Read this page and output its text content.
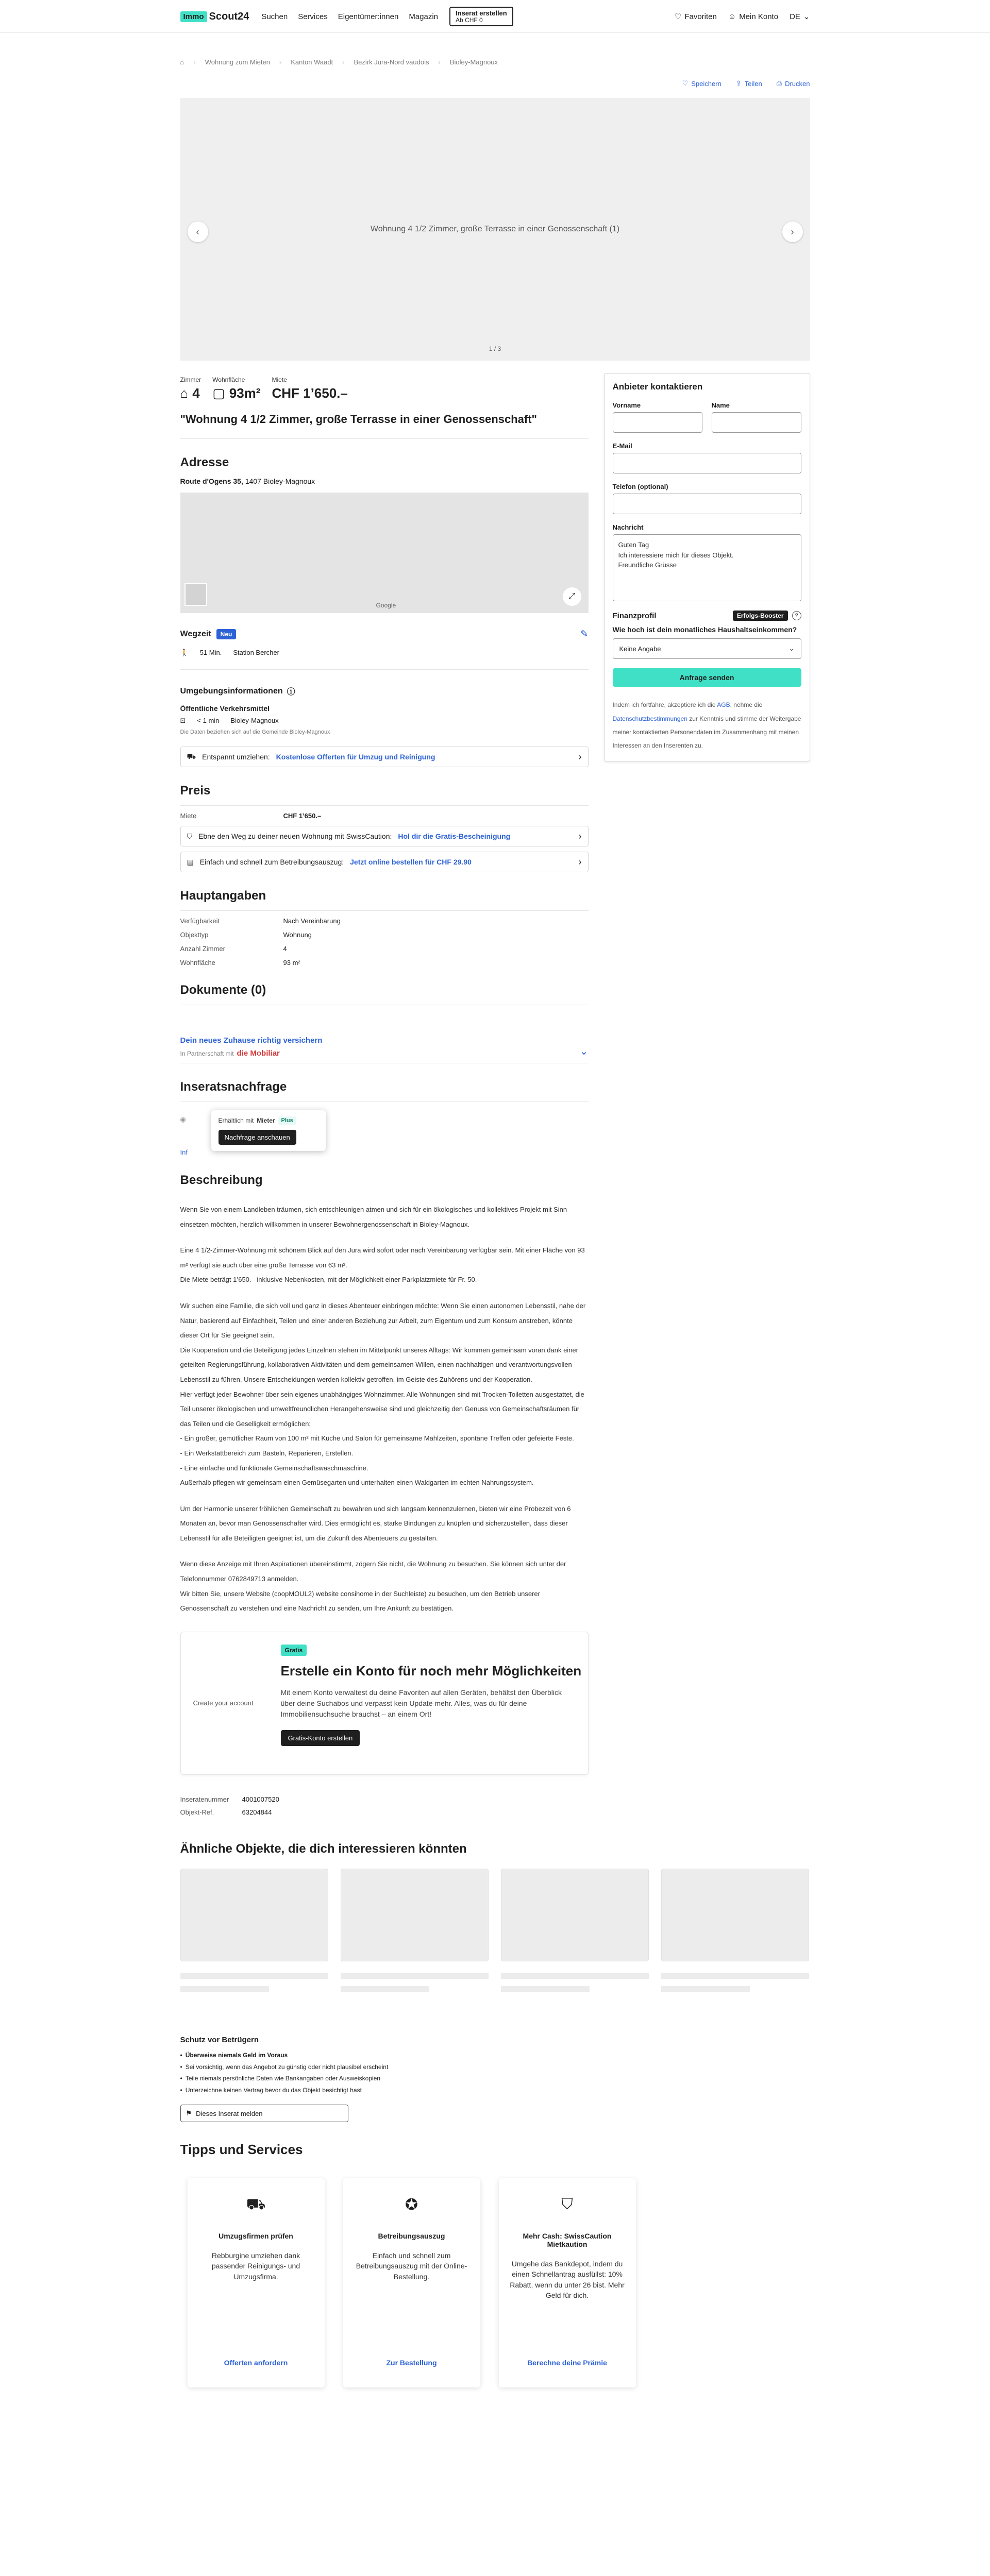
Immo Scout24 Suchen Services Eigentümer:innen Magazin	Inserat erstellen
Ab CHF 0	♡ Favoriten ☺ Mein Konto DE ⌄
⌂ › Wohnung zum Mieten › Kanton Waadt › Bezirk Jura-Nord vaudois › Bioley-Magnoux
♡ Speichern ⇪ Teilen ⎙ Drucken
Wohnung 4 1/2 Zimmer, große Terrasse in einer Genossenschaft (1)
‹	›
1 / 3
Zimmer
⌂ 4
Wohnfläche
▢ 93m²
Miete
CHF 1’650.–
"Wohnung 4 1/2 Zimmer, große Terrasse in einer Genossenschaft"
Adresse
Route d'Ogens 35, 1407 Bioley-Magnoux
Google
⤢
Wegzeit	Neu	✎
🚶 51 Min. Station Bercher
Umgebungsinformationen ⓘ
Öffentliche Verkehrsmittel
⊡ < 1 min Bioley-Magnoux
Die Daten beziehen sich auf die Gemeinde Bioley-Magnoux
⛟ Entspannt umziehen: Kostenlose Offerten für Umzug und Reinigung	›
Preis
Miete	CHF 1’650.–
⛉ Ebne den Weg zu deiner neuen Wohnung mit SwissCaution: Hol dir die Gratis-Bescheinigung	›
▤ Einfach und schnell zum Betreibungsauszug: Jetzt online bestellen für CHF 29.90	›
Hauptangaben
Verfügbarkeit	Nach Vereinbarung
Objekttyp	Wohnung
Anzahl Zimmer	4
Wohnfläche	93 m²
Dokumente (0)
Dein neues Zuhause richtig versichern
In Partnerschaft mit die Mobiliar	⌄
Inseratsnachfrage
◉
Inf
Erhältlich mit Mieter	Plus
Nachfrage anschauen
Beschreibung

Wenn Sie von einem Landleben träumen, sich entschleunigen atmen und sich für ein ökologisches und kollektives Projekt mit Sinn einsetzen möchten, herzlich willkommen in unserer Bewohnergenossenschaft in Bioley-Magnoux.

Eine 4 1/2-Zimmer-Wohnung mit schönem Blick auf den Jura wird sofort oder nach Vereinbarung verfügbar sein. Mit einer Fläche von 93 m² verfügt sie auch über eine große Terrasse von 63 m².
Die Miete beträgt 1’650.– inklusive Nebenkosten, mit der Möglichkeit einer Parkplatzmiete für Fr. 50.-

Wir suchen eine Familie, die sich voll und ganz in dieses Abenteuer einbringen möchte: Wenn Sie einen autonomen Lebensstil, nahe der Natur, basierend auf Einfachheit, Teilen und einer anderen Beziehung zur Arbeit, zum Eigentum und zum Konsum anstreben, könnte dieser Ort für Sie geeignet sein.
Die Kooperation und die Beteiligung jedes Einzelnen stehen im Mittelpunkt unseres Alltags: Wir kommen gemeinsam voran dank einer geteilten Regierungsführung, kollaborativen Aktivitäten und dem gemeinsamen Willen, einen nachhaltigen und verantwortungsvollen Lebensstil zu führen. Unsere Entscheidungen werden kollektiv getroffen, im Geiste des Zuhörens und der Kooperation.
Hier verfügt jeder Bewohner über sein eigenes unabhängiges Wohnzimmer. Alle Wohnungen sind mit Trocken-Toiletten ausgestattet, die Teil unserer ökologischen und umweltfreundlichen Herangehensweise sind und gleichzeitig den Genuss von Gemeinschaftsräumen für das Teilen und die Geselligkeit ermöglichen:
- Ein großer, gemütlicher Raum von 100 m² mit Küche und Salon für gemeinsame Mahlzeiten, spontane Treffen oder gefeierte Feste.
- Ein Werkstattbereich zum Basteln, Reparieren, Erstellen.
- Eine einfache und funktionale Gemeinschaftswaschmaschine.
Außerhalb pflegen wir gemeinsam einen Gemüsegarten und unterhalten einen Waldgarten im echten Nahrungssystem.

Um der Harmonie unserer fröhlichen Gemeinschaft zu bewahren und sich langsam kennenzulernen, bieten wir eine Probezeit von 6 Monaten an, bevor man Genossenschafter wird. Dies ermöglicht es, starke Bindungen zu knüpfen und sicherzustellen, dass dieser Lebensstil für alle Beteiligten geeignet ist, um die Zukunft des Abenteuers zu gestalten.

Wenn diese Anzeige mit Ihren Aspirationen übereinstimmt, zögern Sie nicht, die Wohnung zu besuchen. Sie können sich unter der Telefonnummer 0762849713 anmelden.
Wir bitten Sie, unsere Website (coopMOUL2) website consihome in der Suchleiste) zu besuchen, um den Betrieb unserer Genossenschaft zu verstehen und eine Nachricht zu senden, um Ihre Ankunft zu bestätigen.

Create your account
Gratis
Erstelle ein Konto für noch mehr Möglichkeiten
Mit einem Konto verwaltest du deine Favoriten auf allen Geräten, behältst den Überblick über deine Suchabos und verpasst kein Update mehr. Alles, was du für deine Immobiliensuchsuche brauchst – an einem Ort!
Gratis-Konto erstellen
Inseratenummer	4001007520
Objekt-Ref.	63204844
Anbieter kontaktieren
Vorname	Name
E-Mail
Telefon (optional)
Nachricht
Guten Tag
Ich interessiere mich für dieses Objekt.
Freundliche Grüsse
Finanzprofil	Erfolgs-Booster	?
Wie hoch ist dein monatliches Haushaltseinkommen?
Keine Angabe	⌄
Anfrage senden
Indem ich fortfahre, akzeptiere ich die AGB, nehme die Datenschutzbestimmungen zur Kenntnis und stimme der Weitergabe meiner kontaktierten Personendaten im Zusammenhang mit meinen Interessen an den Inserenten zu.
Ähnliche Objekte, die dich interessieren könnten
Schutz vor Betrügern
• Überweise niemals Geld im Voraus
• Sei vorsichtig, wenn das Angebot zu günstig oder nicht plausibel erscheint
• Teile niemals persönliche Daten wie Bankangaben oder Ausweiskopien
• Unterzeichne keinen Vertrag bevor du das Objekt besichtigt hast
⚑ Dieses Inserat melden
Tipps und Services
⛟
Umzugsfirmen prüfen
Rebburgine umziehen dank passender Reinigungs- und Umzugsfirma.
Offerten anfordern
✪
Betreibungsauszug
Einfach und schnell zum Betreibungsauszug mit der Online-Bestellung.
Zur Bestellung
⛉
Mehr Cash: SwissCaution Mietkaution
Umgehe das Bankdepot, indem du einen Schnellantrag ausfüllst: 10% Rabatt, wenn du unter 26 bist. Mehr Geld für dich.
Berechne deine Prämie
